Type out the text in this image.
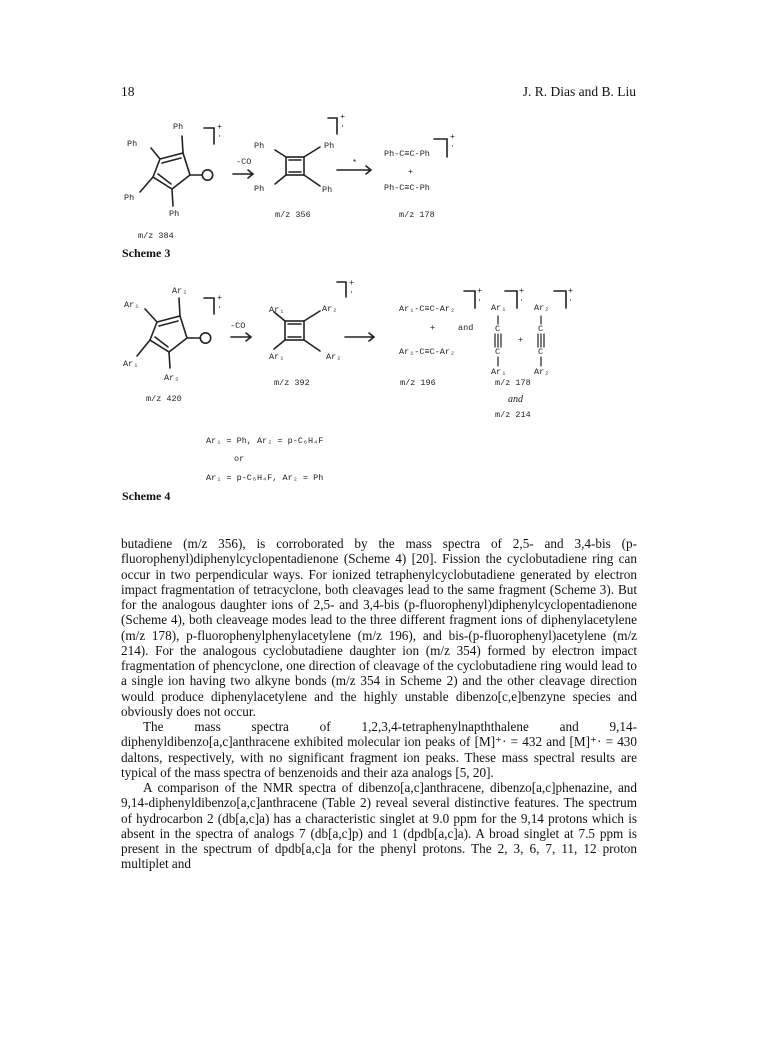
18	J. R. Dias and B. Liu
Ph
Ph
Ph
Ph
+
·
-CO
Ph	Ph
Ph	Ph
+
·
*
Ph-C≡C-Ph
+
Ph-C≡C-Ph
+
·
m/z 384
m/z 356	m/z 178
Scheme 3
Ar₂
Ar₁
Ar₁
Ar₂
+
·
-CO
Ar₁	Ar₂
Ar₁	Ar₂
+
·
Ar₁-C≡C-Ar₂
+	and
Ar₁-C≡C-Ar₂
+
·
Ar₁
C
C
Ar₁
+
+
·
Ar₂
C
C
Ar₂
+
·
m/z 420
m/z 392	m/z 196	m/z 178
and
m/z 214
Ar₁ = Ph, Ar₂ = p-C₆H₄F
or
Ar₁ = p-C₆H₄F, Ar₂ = Ph
Scheme 4

butadiene (m/z 356), is corroborated by the mass spectra of 2,5- and 3,4-bis (p-fluorophenyl)diphenylcyclopentadienone (Scheme 4) [20]. Fission the cyclobutadiene ring can occur in two perpendicular ways. For ionized tetraphenylcyclobutadiene generated by electron impact fragmentation of tetracyclone, both cleavages lead to the same fragment (Scheme 3). But for the analogous daughter ions of 2,5- and 3,4-bis (p-fluorophenyl)diphenylcyclopentadienone (Scheme 4), both cleaveage modes lead to the three different fragment ions of diphenylacetylene (m/z 178), p-fluorophenylphenylacetylene (m/z 196), and bis-(p-fluorophenyl)acetylene (m/z 214). For the analogous cyclobutadiene daughter ion (m/z 354) formed by electron impact fragmentation of phencyclone, one direction of cleavage of the cyclobutadiene ring would lead to a single ion having two alkyne bonds (m/z 354 in Scheme 2) and the other cleavage direction would produce diphenylacetylene and the highly unstable dibenzo[c,e]benzyne species and obviously does not occur.

The mass spectra of 1,2,3,4-tetraphenylnapththalene and 9,14-diphenyldibenzo[a,c]anthracene exhibited molecular ion peaks of [M]⁺· = 432 and [M]⁺· = 430 daltons, respectively, with no significant fragment ion peaks. These mass spectral results are typical of the mass spectra of benzenoids and their aza analogs [5, 20].

A comparison of the NMR spectra of dibenzo[a,c]anthracene, dibenzo[a,c]phenazine, and 9,14-diphenyldibenzo[a,c]anthracene (Table 2) reveal several distinctive features. The spectrum of hydrocarbon 2 (db[a,c]a) has a characteristic singlet at 9.0 ppm for the 9,14 protons which is absent in the spectra of analogs 7 (db[a,c]p) and 1 (dpdb[a,c]a). A broad singlet at 7.5 ppm is present in the spectrum of dpdb[a,c]a for the phenyl protons. The 2, 3, 6, 7, 11, 12 proton multiplet and
